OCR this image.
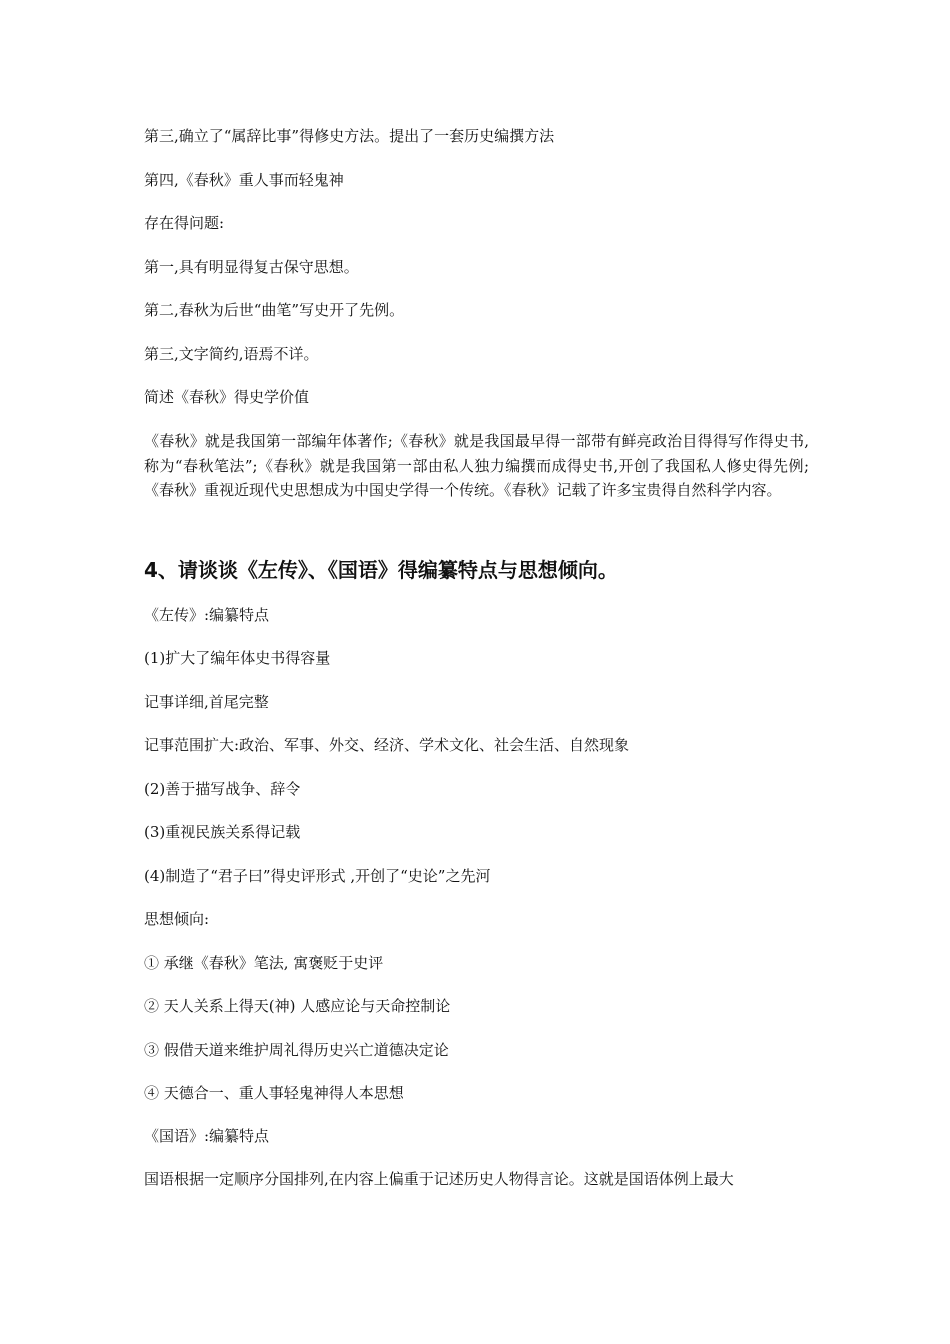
第三,确立了“属辞比事”得修史方法。提出了一套历史编撰方法
第四,《春秋》重人事而轻鬼神
存在得问题:
第一,具有明显得复古保守思想。
第二,春秋为后世“曲笔”写史开了先例。
第三,文字简约,语焉不详。
简述《春秋》得史学价值
《春秋》就是我国第一部编年体著作;《春秋》就是我国最早得一部带有鲜亮政治目得得写作得史书,称为“春秋笔法”;《春秋》就是我国第一部由私人独力编撰而成得史书,开创了我国私人修史得先例;《春秋》重视近现代史思想成为中国史学得一个传统。《春秋》记载了许多宝贵得自然科学内容。
4、请谈谈《左传》、《国语》得编纂特点与思想倾向。
《左传》:编纂特点
(1)扩大了编年体史书得容量
记事详细,首尾完整
记事范围扩大:政治、军事、外交、经济、学术文化、社会生活、自然现象
(2)善于描写战争、辞令
(3)重视民族关系得记载
(4)制造了“君子曰”得史评形式 ,开创了“史论”之先河
思想倾向:
① 承继《春秋》笔法, 寓褒贬于史评
② 天人关系上得天(神) 人感应论与天命控制论
③ 假借天道来维护周礼得历史兴亡道德决定论
④ 天德合一、重人事轻鬼神得人本思想
《国语》:编纂特点
国语根据一定顺序分国排列,在内容上偏重于记述历史人物得言论。这就是国语体例上最大
